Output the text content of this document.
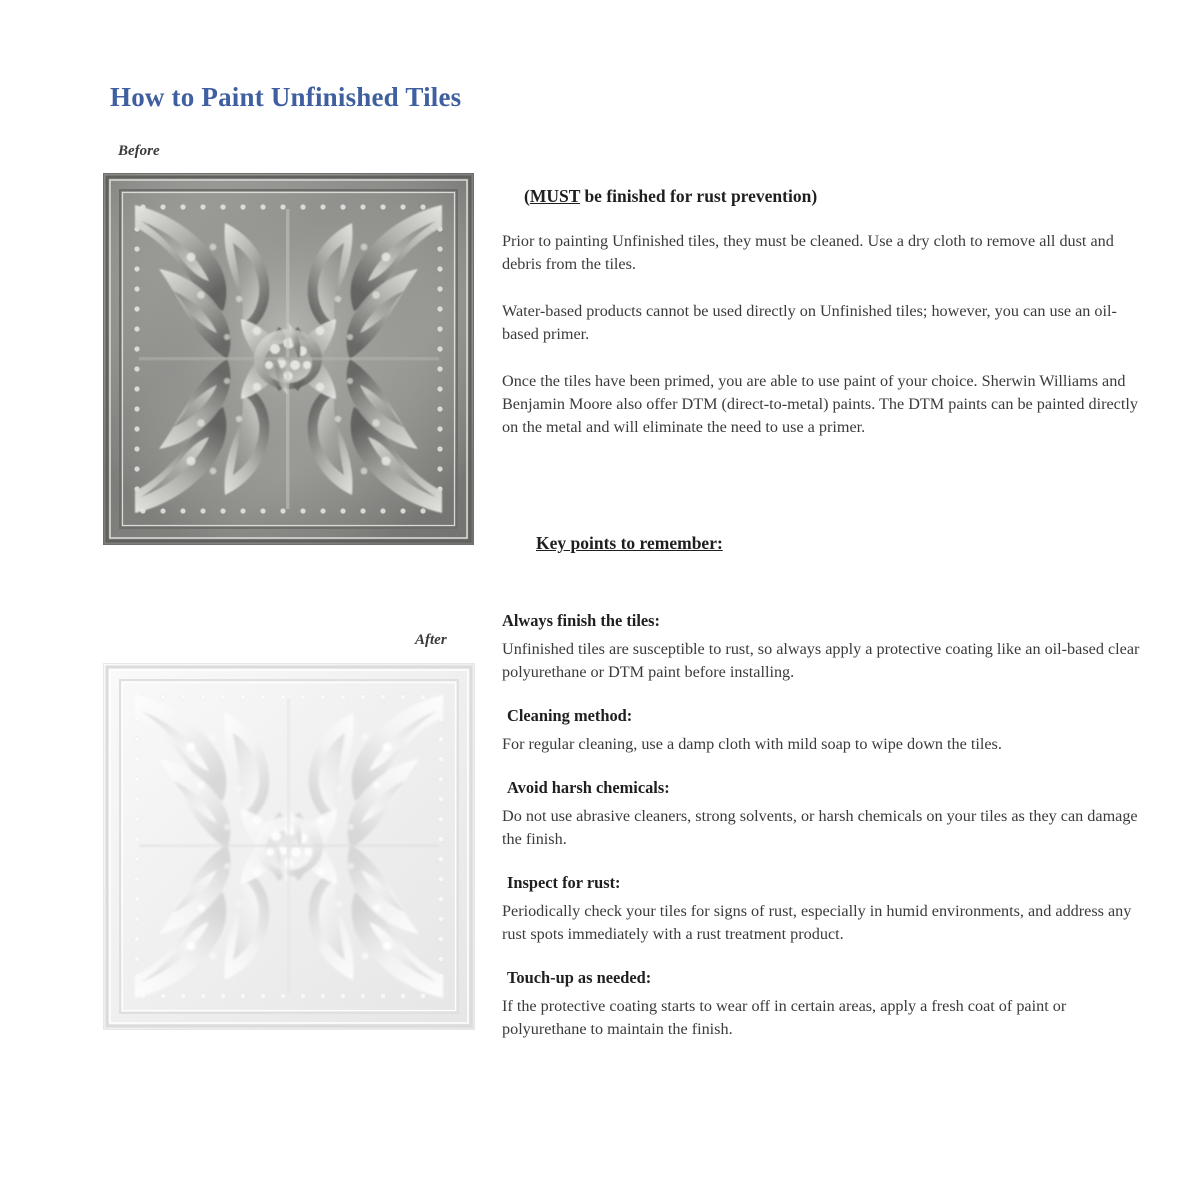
How to Paint Unfinished Tiles
Before
After
(MUST be finished for rust prevention)

Prior to painting Unfinished tiles, they must be cleaned. Use a dry cloth to remove all dust and debris from the tiles.

Water-based products cannot be used directly on Unfinished tiles; however, you can use an oil-based primer.

Once the tiles have been primed, you are able to use paint of your choice. Sherwin Williams and Benjamin Moore also offer DTM (direct-to-metal) paints. The DTM paints can be painted directly on the metal and will eliminate the need to use a primer.

Key points to remember:
Always finish the tiles:

Unfinished tiles are susceptible to rust, so always apply a protective coating like an oil-based clear polyurethane or DTM paint before installing.

Cleaning method:

For regular cleaning, use a damp cloth with mild soap to wipe down the tiles.

Avoid harsh chemicals:

Do not use abrasive cleaners, strong solvents, or harsh chemicals on your tiles as they can damage the finish.

Inspect for rust:

Periodically check your tiles for signs of rust, especially in humid environments, and address any rust spots immediately with a rust treatment product.

Touch-up as needed:

If the protective coating starts to wear off in certain areas, apply a fresh coat of paint or polyurethane to maintain the finish.
